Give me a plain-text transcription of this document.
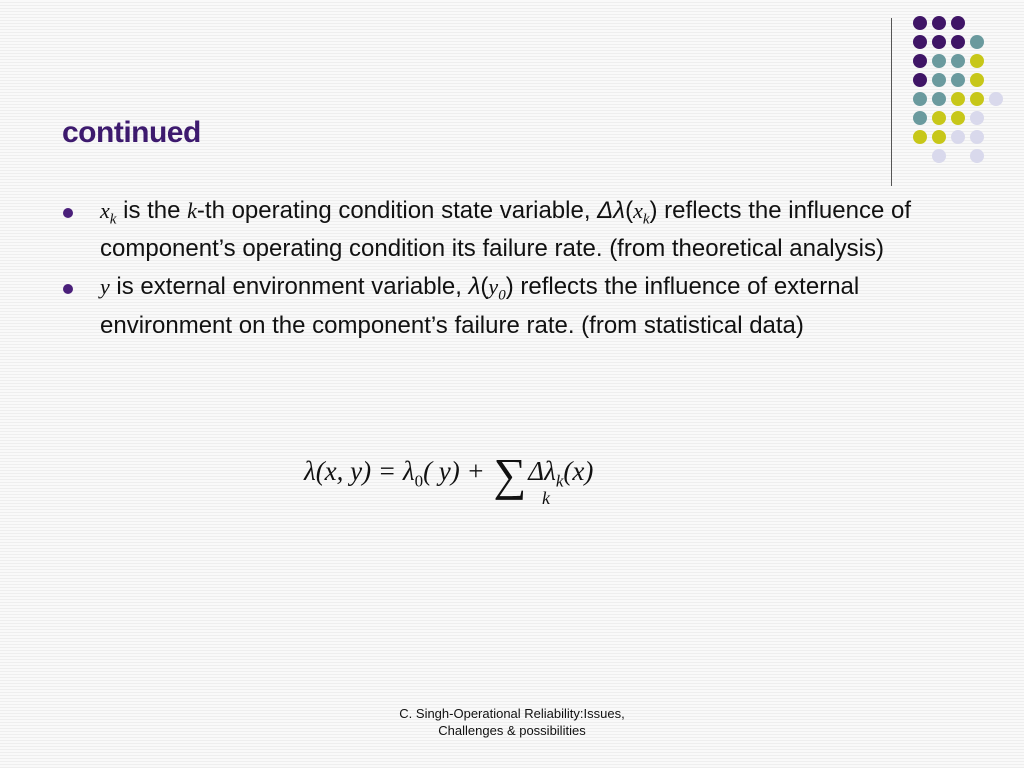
continued
$x_k$ is the k-th operating condition state variable, $\Delta\lambda(x_k)$ reflects the influence of component’s operating condition its failure rate. (from theoretical analysis)
y is external environment variable, $\lambda(y_0)$ reflects the influence of external environment on the component’s failure rate. (from statistical data)
λ(x, $y) = \lambda_0$( $y) + \sum\Delta\lambda_k(x)$
k
C. Singh-Operational Reliability:Issues,
Challenges & possibilities
